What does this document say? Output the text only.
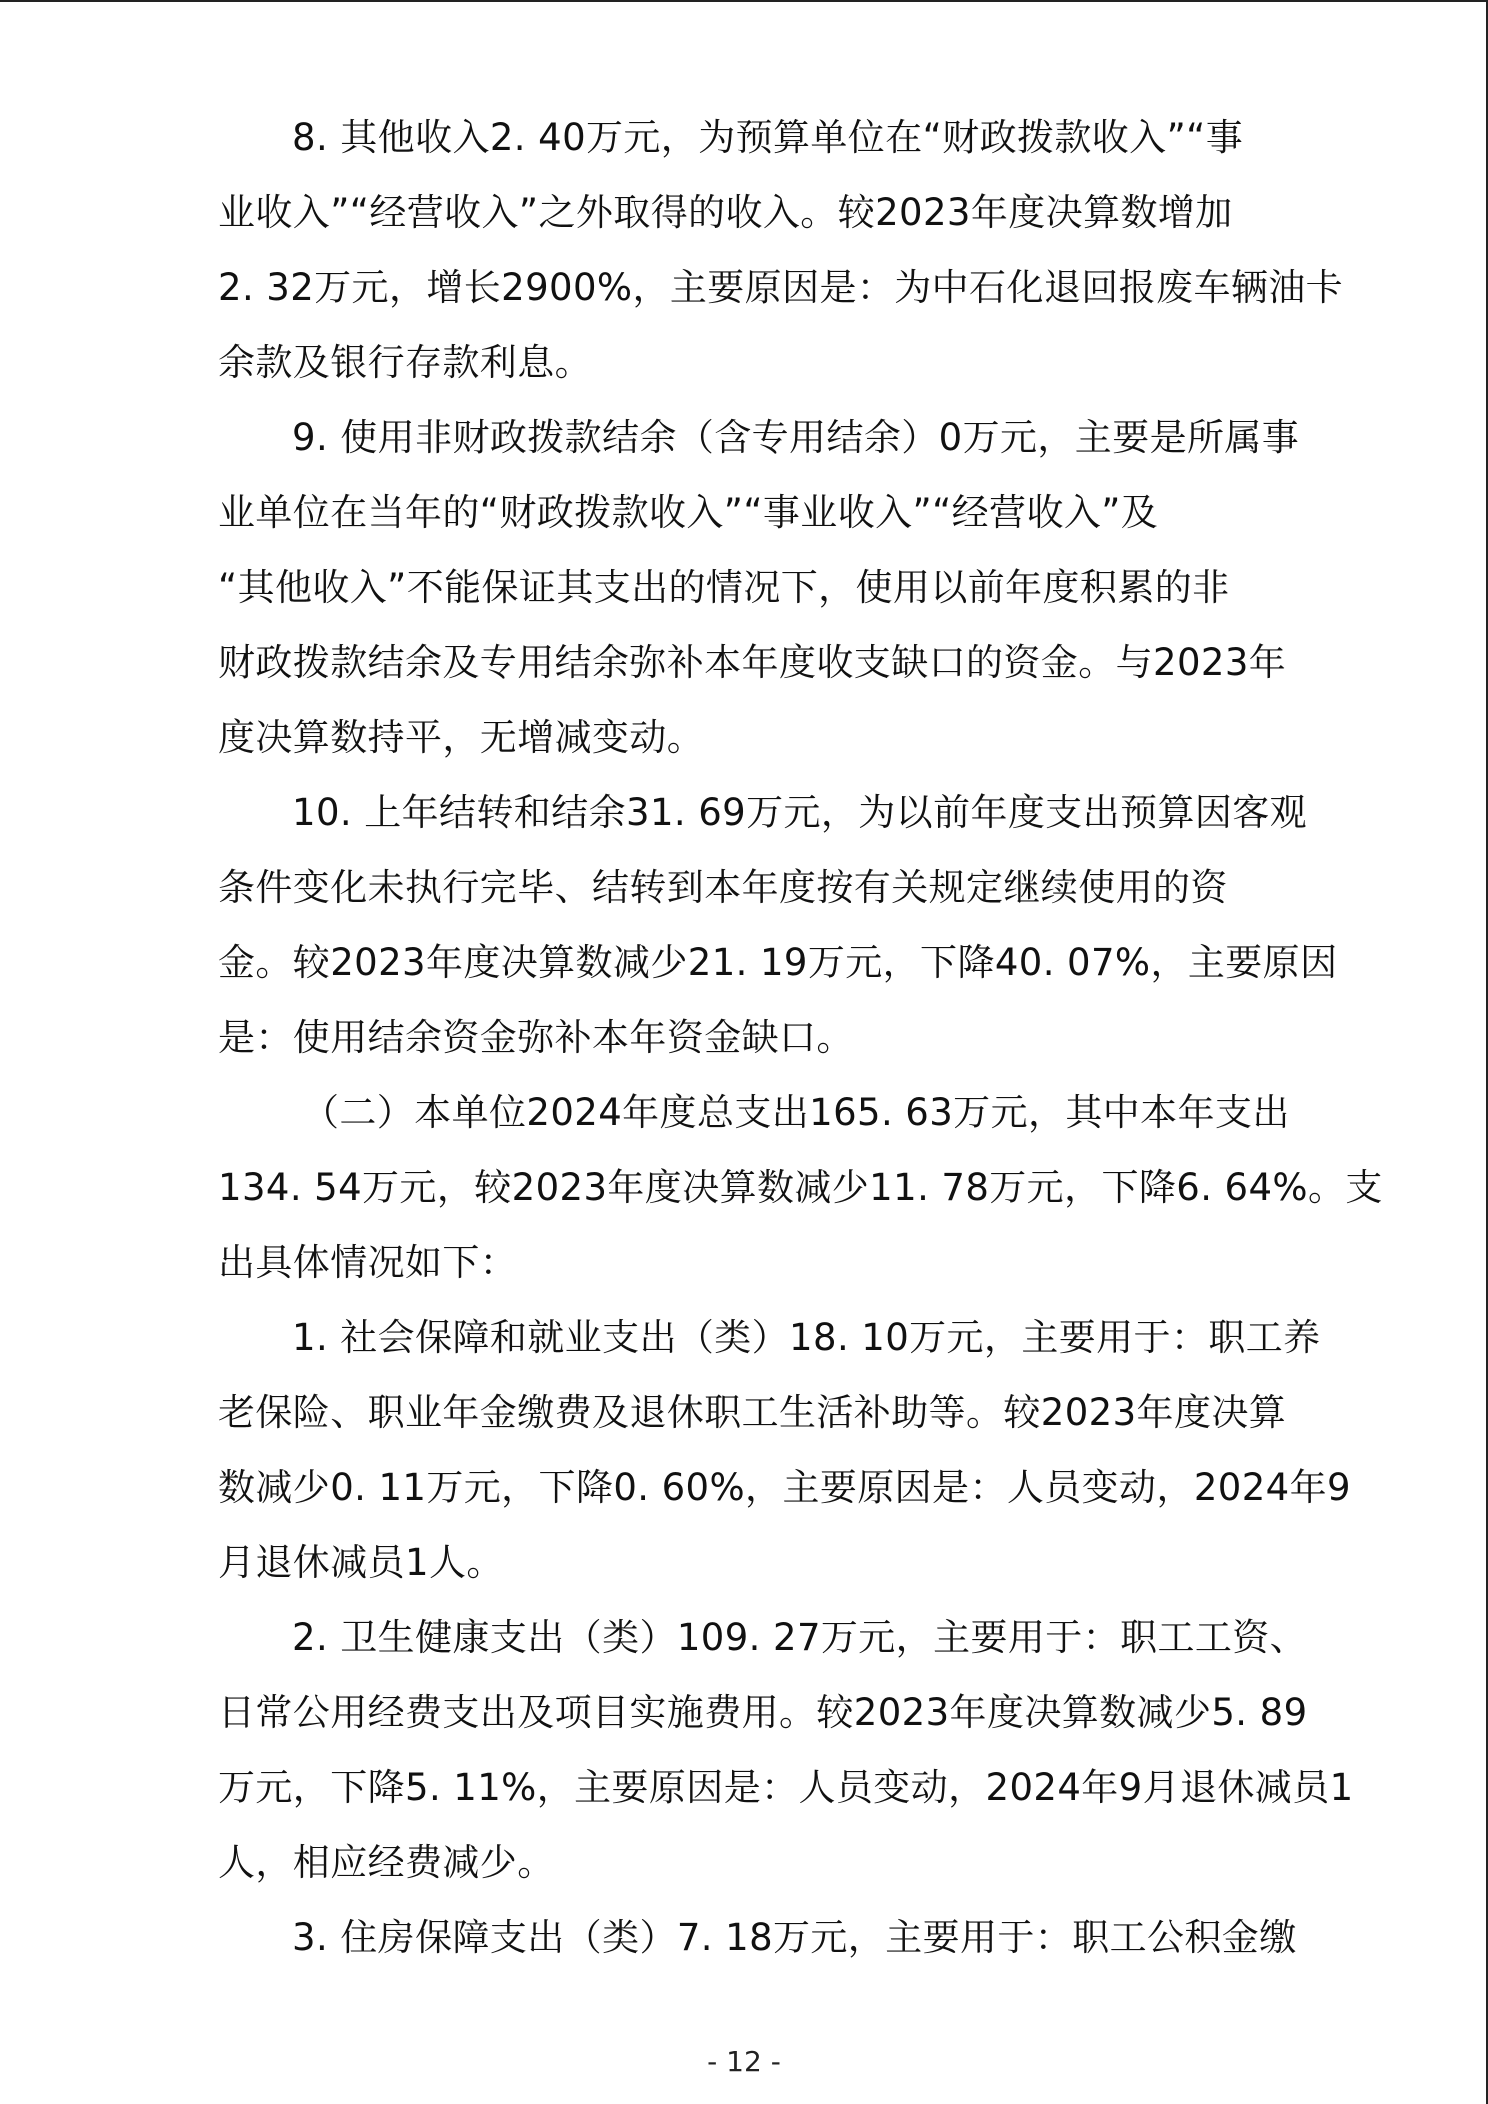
8. 其他收入2. 40万元，为预算单位在“财政拨款收入”“事
业收入”“经营收入”之外取得的收入。较2023年度决算数增加
2. 32万元，增长2900%，主要原因是：为中石化退回报废车辆油卡
余款及银行存款利息。
9. 使用非财政拨款结余（含专用结余）0万元，主要是所属事
业单位在当年的“财政拨款收入”“事业收入”“经营收入”及
“其他收入”不能保证其支出的情况下，使用以前年度积累的非
财政拨款结余及专用结余弥补本年度收支缺口的资金。与2023年
度决算数持平，无增减变动。
10. 上年结转和结余31. 69万元，为以前年度支出预算因客观
条件变化未执行完毕、结转到本年度按有关规定继续使用的资
金。较2023年度决算数减少21. 19万元，下降40. 07%，主要原因
是：使用结余资金弥补本年资金缺口。
（二）本单位2024年度总支出165. 63万元，其中本年支出
134. 54万元，较2023年度决算数减少11. 78万元，下降6. 64%。支
出具体情况如下：
1. 社会保障和就业支出（类）18. 10万元，主要用于：职工养
老保险、职业年金缴费及退休职工生活补助等。较2023年度决算
数减少0. 11万元，下降0. 60%，主要原因是：人员变动，2024年9
月退休减员1人。
2. 卫生健康支出（类）109. 27万元，主要用于：职工工资、
日常公用经费支出及项目实施费用。较2023年度决算数减少5. 89
万元，下降5. 11%，主要原因是：人员变动，2024年9月退休减员1
人，相应经费减少。
3. 住房保障支出（类）7. 18万元，主要用于：职工公积金缴
- 12 -
